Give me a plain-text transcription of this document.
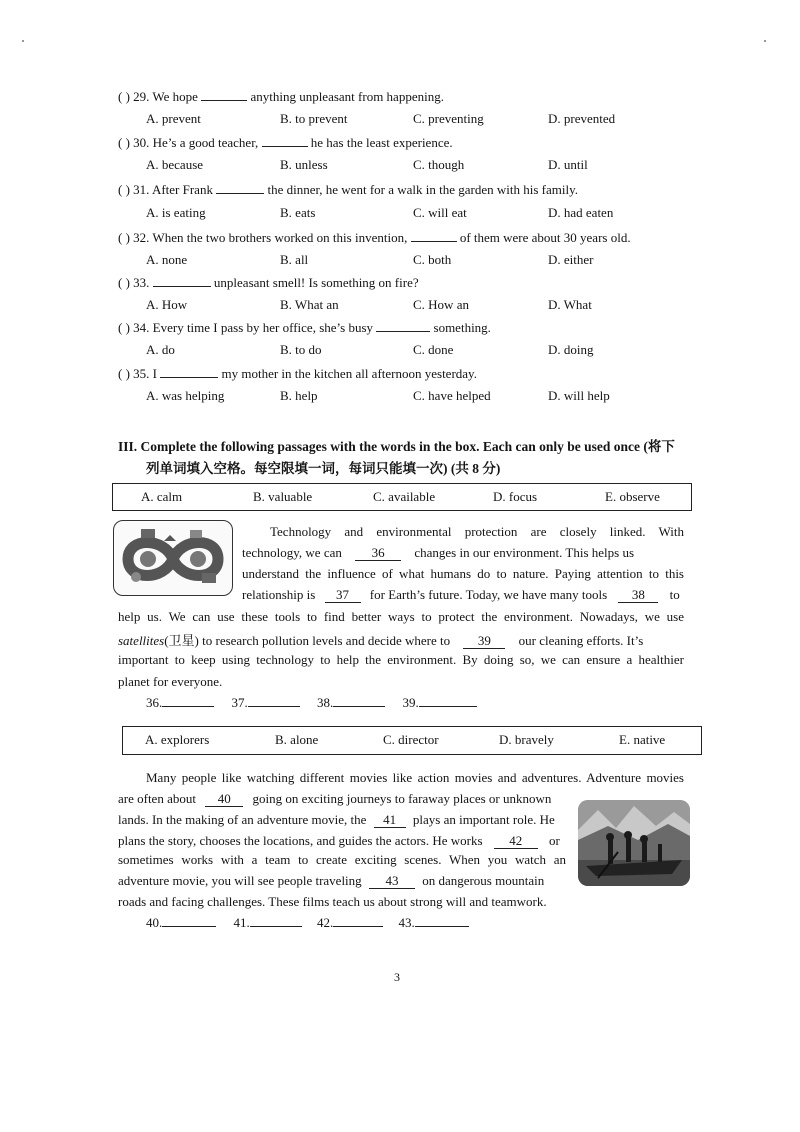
( ) 29. We hope	anything unpleasant from happening.
A. prevent	B. to prevent	C. preventing	D. prevented
( ) 30. He’s a good teacher,	he has the least experience.
A. because	B. unless	C. though	D. until
( ) 31. After Frank	the dinner, he went for a walk in the garden with his family.
A. is eating	B. eats	C. will eat	D. had eaten
( ) 32. When the two brothers worked on this invention,	of them were about 30 years old.
A. none	B. all	C. both	D. either
( ) 33.	unpleasant smell! Is something on fire?
A. How	B. What an	C. How an	D. What
( ) 34. Every time I pass by her office, she’s busy	something.
A. do	B. to do	C. done	D. doing
( ) 35. I	my mother in the kitchen all afternoon yesterday.
A. was helping	B. help	C. have helped	D. will help
III. Complete the following passages with the words in the box. Each can only be used once (将下
列单词填入空格。每空限填一词，每词只能填一次) (共 8 分)
A. calm	B. valuable	C. available	D. focus	E. observe
Technology and environmental protection are closely linked. With
technology, we can 36 changes in our environment. This helps us
understand the influence of what humans do to nature. Paying attention to this
relationship is 37 for Earth’s future. Today, we have many tools 38 to
help us. We can use these tools to find better ways to protect the environment. Nowadays, we use
satellites(卫星) to research pollution levels and decide where to 39 our cleaning efforts. It’s
important to keep using technology to help the environment. By doing so, we can ensure a healthier
planet for everyone.
36.	37.	38.	39.
A. explorers	B. alone	C. director	D. bravely	E. native
Many people like watching different movies like action movies and adventures. Adventure movies
are often about 40 going on exciting journeys to faraway places or unknown
lands. In the making of an adventure movie, the 41 plays an important role. He
plans the story, chooses the locations, and guides the actors. He works 42 or
sometimes works with a team to create exciting scenes. When you watch an
adventure movie, you will see people traveling 43 on dangerous mountain
roads and facing challenges. These films teach us about strong will and teamwork.
40.	41.	42.	43.
3
